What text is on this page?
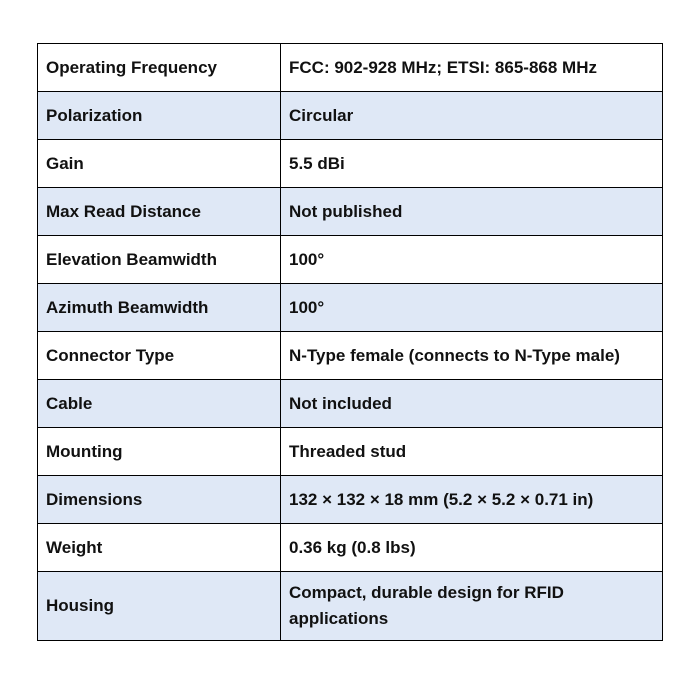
Operating Frequency	FCC: 902-928 MHz; ETSI: 865-868 MHz
Polarization	Circular
Gain	5.5 dBi
Max Read Distance	Not published
Elevation Beamwidth	100°
Azimuth Beamwidth	100°
Connector Type	N-Type female (connects to N-Type male)
Cable	Not included
Mounting	Threaded stud
Dimensions	132 × 132 × 18 mm (5.2 × 5.2 × 0.71 in)
Weight	0.36 kg (0.8 lbs)
Housing	Compact, durable design for RFID applications
